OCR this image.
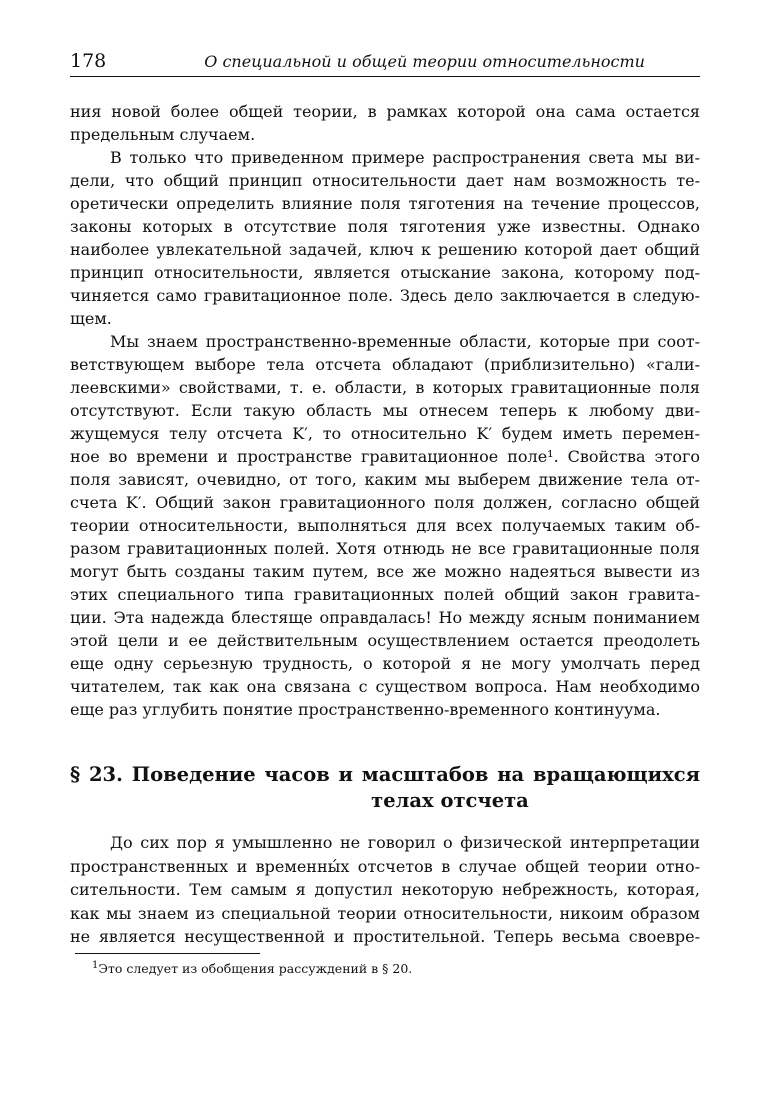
178	О специальной и общей теории относительности
ния новой более общей теории, в рамках которой она сама остается
предельным случаем.
В только что приведенном примере распространения света мы ви-
дели, что общий принцип относительности дает нам возможность те-
оретически определить влияние поля тяготения на течение процессов,
законы которых в отсутствие поля тяготения уже известны. Однако
наиболее увлекательной задачей, ключ к решению которой дает общий
принцип относительности, является отыскание закона, которому под-
чиняется само гравитационное поле. Здесь дело заключается в следую-
щем.
Мы знаем пространственно-временные области, которые при соот-
ветствующем выборе тела отсчета обладают (приблизительно) «гали-
леевскими» свойствами, т. е. области, в которых гравитационные поля
отсутствуют. Если такую область мы отнесем теперь к любому дви-
жущемуся телу отсчета K′, то относительно K′ будем иметь перемен-
ное во времени и пространстве гравитационное поле¹. Свойства этого
поля зависят, очевидно, от того, каким мы выберем движение тела от-
счета K′. Общий закон гравитационного поля должен, согласно общей
теории относительности, выполняться для всех получаемых таким об-
разом гравитационных полей. Хотя отнюдь не все гравитационные поля
могут быть созданы таким путем, все же можно надеяться вывести из
этих специального типа гравитационных полей общий закон гравита-
ции. Эта надежда блестяще оправдалась! Но между ясным пониманием
этой цели и ее действительным осуществлением остается преодолеть
еще одну серьезную трудность, о которой я не могу умолчать перед
читателем, так как она связана с существом вопроса. Нам необходимо
еще раз углубить понятие пространственно-временного континуума.
§ 23. Поведение часов и масштабов на вращающихся
телах отсчета
До сих пор я умышленно не говорил о физической интерпретации
пространственных и временны́х отсчетов в случае общей теории отно-
сительности. Тем самым я допустил некоторую небрежность, которая,
как мы знаем из специальной теории относительности, никоим образом
не является несущественной и простительной. Теперь весьма своевре-
$^1$Это следует из обобщения рассуждений в § 20.
